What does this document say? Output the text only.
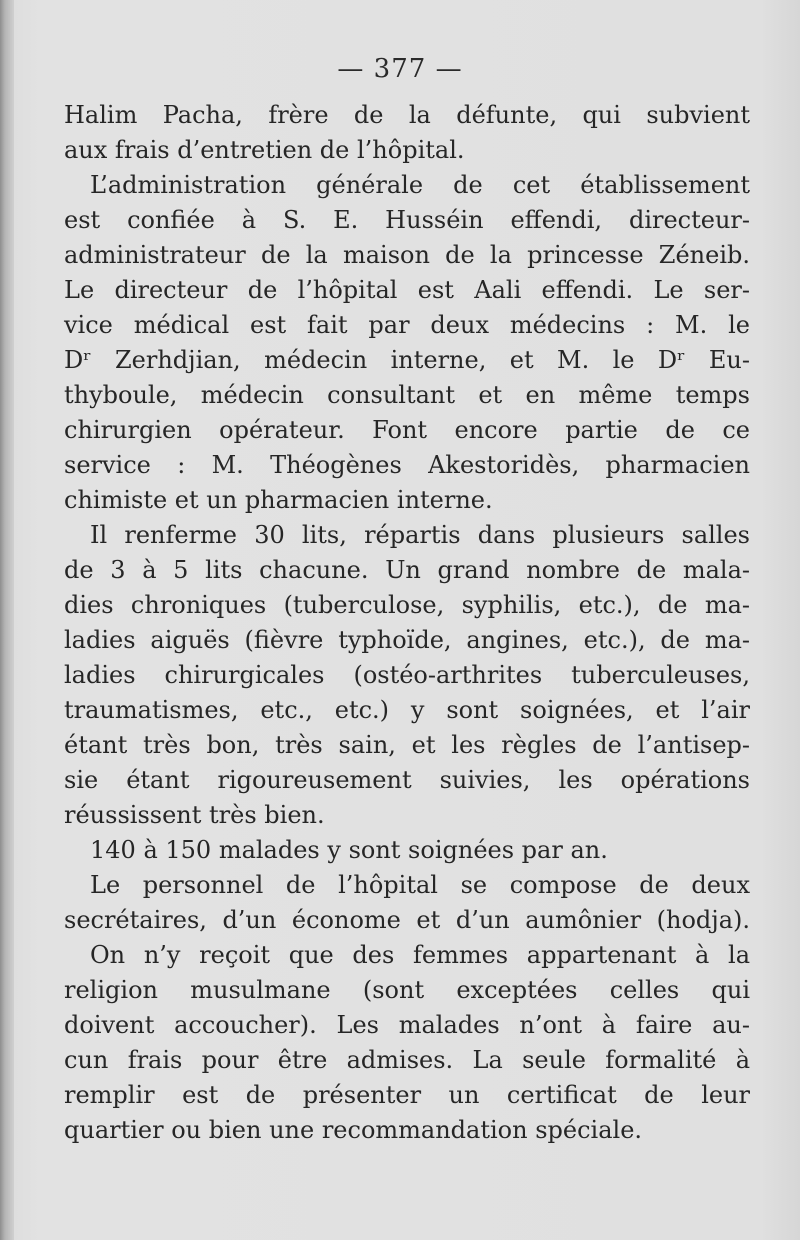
— 377 —
Halim Pacha, frère de la défunte, qui subvient
aux frais d’entretien de l’hôpital.
L’administration générale de cet établissement
est confiée à S. E. Husséin effendi, directeur-
administrateur de la maison de la princesse Zéneib.
Le directeur de l’hôpital est Aali effendi. Le ser-
vice médical est fait par deux médecins : M. le
Dʳ Zerhdjian, médecin interne, et M. le Dʳ Eu-
thyboule, médecin consultant et en même temps
chirurgien opérateur. Font encore partie de ce
service : M. Théogènes Akestoridès, pharmacien
chimiste et un pharmacien interne.
Il renferme 30 lits, répartis dans plusieurs salles
de 3 à 5 lits chacune. Un grand nombre de mala-
dies chroniques (tuberculose, syphilis, etc.), de ma-
ladies aiguës (fièvre typhoïde, angines, etc.), de ma-
ladies chirurgicales (ostéo-arthrites tuberculeuses,
traumatismes, etc., etc.) y sont soignées, et l’air
étant très bon, très sain, et les règles de l’antisep-
sie étant rigoureusement suivies, les opérations
réussissent très bien.
140 à 150 malades y sont soignées par an.
Le personnel de l’hôpital se compose de deux
secrétaires, d’un économe et d’un aumônier (hodja).
On n’y reçoit que des femmes appartenant à la
religion musulmane (sont exceptées celles qui
doivent accoucher). Les malades n’ont à faire au-
cun frais pour être admises. La seule formalité à
remplir est de présenter un certificat de leur
quartier ou bien une recommandation spéciale.
